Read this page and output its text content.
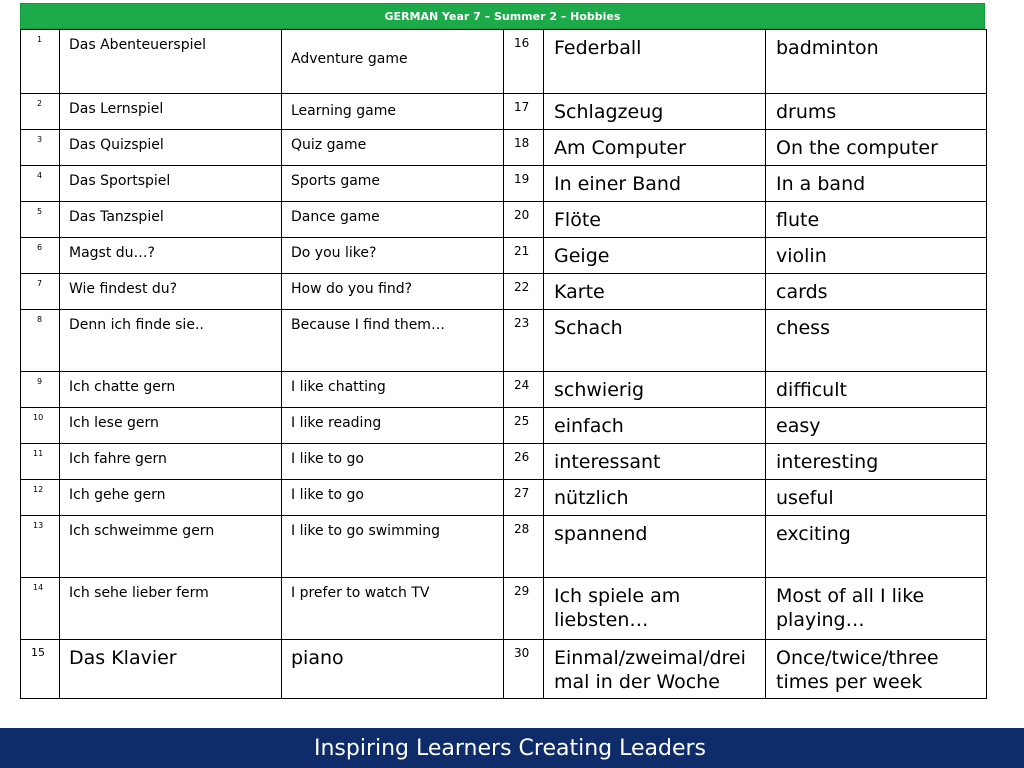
GERMAN Year 7 – Summer 2 – Hobbies
1	Das Abenteuerspiel	Adventure game	16	Federball	badminton
2	Das Lernspiel	Learning game	17	Schlagzeug	drums
3	Das Quizspiel	Quiz game	18	Am Computer	On the computer
4	Das Sportspiel	Sports game	19	In einer Band	In a band
5	Das Tanzspiel	Dance game	20	Flöte	flute
6	Magst du…?	Do you like?	21	Geige	violin
7	Wie findest du?	How do you find?	22	Karte	cards
8	Denn ich finde sie..	Because I find them…	23	Schach	chess
9	Ich chatte gern	I like chatting	24	schwierig	difficult
10	Ich lese gern	I like reading	25	einfach	easy
11	Ich fahre gern	I like to go	26	interessant	interesting
12	Ich gehe gern	I like to go	27	nützlich	useful
13	Ich schweimme gern	I like to go swimming	28	spannend	exciting
14	Ich sehe lieber ferm	I prefer to watch TV	29	Ich spiele am liebsten…	Most of all I like playing…
15	Das Klavier	piano	30	Einmal/zweimal/drei mal in der Woche	Once/twice/three times per week
Inspiring Learners Creating Leaders
